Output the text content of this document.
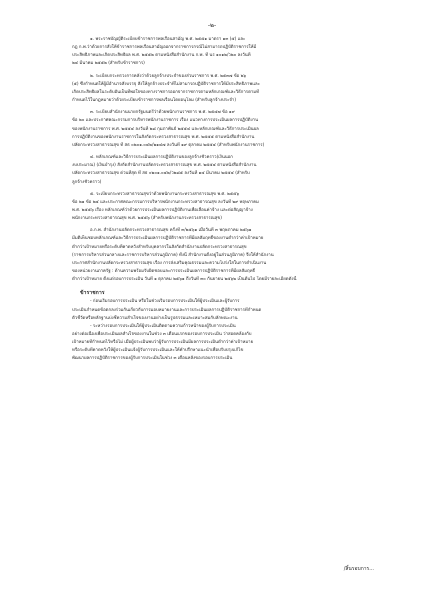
-๒-
๑. พระราชบัญญัติระเบียบข้าราชการพลเรือนสามัญ พ.ศ. ๒๕๕๑ มาตรา ๑๓ (๕) และ
กฎ ก.พ.ว่าด้วยการสั่งให้ข้าราชการพลเรือนสามัญออกจากราชการกรณีไม่สามารถปฏิบัติราชการให้มี
ประสิทธิภาพและเกิดประสิทธิผล พ.ศ. ๒๕๕๒ ตามหนังสือสำนักงาน ก.พ. ที่ นร ๑๐๑๒/ว๒๐ ลงวันที่
๒๔ มีนาคม ๒๕๕๒ (สำหรับข้าราชการ)
๒. ระเบียบกระทรวงการคลังว่าด้วยลูกจ้างประจำของส่วนราชการ พ.ศ. ๒๕๓๗ ข้อ ๒๖
(๕) ซึ่งกำหนดให้ผู้มีอำนาจสั่งบรรจุ สั่งให้ลูกจ้างประจำที่ไม่สามารถปฏิบัติราชการให้มีประสิทธิภาพและ
เกิดประสิทธิผลในระดับอันเป็นที่พอใจของทางราชการออกจากราชการตามหลักเกณฑ์และวิธีการตามที่
กำหนดไว้ในกฎหมายว่าด้วยระเบียบข้าราชการพลเรือนโดยอนุโลม (สำหรับลูกจ้างประจำ)
๓. ระเบียบสำนักงานนายกรัฐมนตรีว่าด้วยพนักงานราชการ พ.ศ. ๒๕๔๗ ข้อ ๑๙
ข้อ ๒๐ และประกาศคณะกรรมการบริหารพนักงานราชการ เรื่อง แนวทางการประเมินผลการปฏิบัติงาน
ของพนักงานราชการ พ.ศ. ๒๕๕๔ ลงวันที่ ๒๘ กุมภาพันธ์ ๒๕๕๔ และหลักเกณฑ์และวิธีการประเมินผล
การปฏิบัติงานของพนักงานราชการในสังกัดกระทรวงสาธารณสุข พ.ศ. ๒๕๕๕ ตามหนังสือสำนักงาน
ปลัดกระทรวงสาธารณสุข ที่ สธ ๐๒๐๑.๐๔๒/๒๑๔๗ ลงวันที่ ๑๙ ตุลาคม ๒๕๕๔ (สำหรับพนักงานราชการ)
๔. หลักเกณฑ์และวิธีการประเมินผลการปฏิบัติงานของลูกจ้างชั่วคราว(เงินนอก
งบประมาณ) (เงินบำรุง) สังกัดสำนักงานปลัดกระทรวงสาธารณสุข พ.ศ. ๒๕๕๔ ตามหนังสือสำนักงาน
ปลัดกระทรวงสาธารณสุข ด่วนที่สุด ที่ สธ ๐๒๐๑.๐๔๒/ว๒๘๕ ลงวันที่ ๑๔ มีนาคม ๒๕๕๔ (สำหรับ
ลูกจ้างชั่วคราว)
๕. ระเบียบกระทรวงสาธารณสุขว่าด้วยพนักงานกระทรวงสาธารณสุข พ.ศ. ๒๕๕๖
ข้อ ๒๑ ข้อ ๒๔ และประกาศคณะกรรมการบริหารพนักงานกระทรวงสาธารณสุข ลงวันที่ ๒๙ พฤษภาคม
พ.ศ. ๒๕๕๖ เรื่อง หลักเกณฑ์ว่าด้วยการประเมินผลการปฏิบัติงานเพื่อเลื่อนค่าจ้าง และต่อสัญญาจ้าง
พนักงานกระทรวงสาธารณสุข พ.ศ. ๒๕๕๖ (สำหรับพนักงานกระทรวงสาธารณสุข)
อ.ก.พ. สำนักงานปลัดกระทรวงสาธารณสุข ครั้งที่ ๓/๒๕๖๑ เมื่อวันที่ ๓ พฤษภาคม ๒๕๖๑
มีมติเห็นชอบหลักเกณฑ์และวิธีการประเมินผลการปฏิบัติราชการที่มีผลสัมฤทธิ์ของงานต่ำกว่าค่าเป้าหมาย
ต่ำกว่าเป้าหมายหรือระดับที่คาดหวังสำหรับบุคลากรในสังกัดสำนักงานปลัดกระทรวงสาธารณสุข
(ราชการบริหารส่วนกลางและราชการบริหารส่วนภูมิภาค) ทั้งนี้ สำนักงานตั้งอยู่ในส่วนภูมิภาค) จึงให้สำนักงาน
ประกาศสำนักงานปลัดกระทรวงสาธารณสุข เรื่อง การส่งเสริมคุณธรรมและความโปร่งใสในการดำเนินงาน
ของหน่วยงานภาครัฐ : ด้านความพร้อมรับผิดชอบและการประเมินผลการปฏิบัติราชการที่มีผลสัมฤทธิ์
ต่ำกว่าเป้าหมาย ตั้งแต่รอบการประเมิน วันที่ ๑ ตุลาคม ๒๕๖๑ ถึงวันที่ ๓๐ กันยายน ๒๕๖๒ เป็นต้นไป โดยมีรายละเอียดดังนี้
ข้าราชการ
- ก่อนเริ่มรอบการประเมิน หรือในช่วงเริ่มรอบการประเมินให้ผู้ประเมินและผู้รับการ
ประเมินกำหนดข้อตกลงร่วมกันเกี่ยวกับการมอบหมายงานและการประเมินผลการปฏิบัติราชการที่กำหนด
ตัวชี้วัดหรือหลักฐานบ่งชี้ความสำเร็จของงานอย่างเป็นรูปธรรมและเหมาะสมกับลักษณะงาน
- ระหว่างรอบการประเมินให้ผู้ประเมินติดตามความก้าวหน้าของผู้รับการประเมิน
อย่างต่อเนื่องเพื่อประเมินผลสำเร็จของงานในช่วง ๓ เดือนแรกของรอบการประเมิน ว่าสอดคล้องกับ
เป้าหมายที่กำหนดไว้หรือไม่ เมื่อผู้ประเมินพบว่าผู้รับการประเมินมีผลการประเมินต่ำกว่าค่าเป้าหมาย
หรือระดับที่คาดหวังให้ผู้ประเมินแจ้งผู้รับการประเมินและให้คำปรึกษาแนะนำเพื่อปรับปรุงแก้ไข
พัฒนาผลการปฏิบัติราชการของผู้รับการประเมินในช่วง ๓ เดือนหลังของรอบการประเมิน
/สิ้นรอบการ...
